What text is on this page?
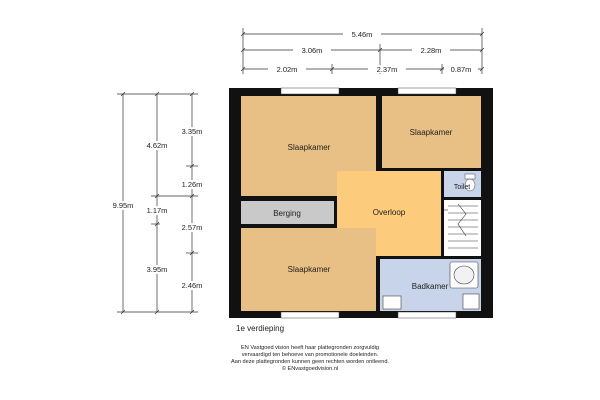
5.46m
3.06m	2.28m
2.02m	2.37m	0.87m
9.95m
4.62m
1.17m
3.95m
3.35m
1.26m
2.57m
2.46m
Slaapkamer
Slaapkamer
Toilet
Berging	Overloop
Slaapkamer
Badkamer
1e verdieping
EN Vastgoed vision heeft haar plattegronden zorgvuldig
vervaardigd ten behoeve van promotionele doeleinden.
Aan deze plattegronden kunnen geen rechten worden ontleend.
© ENvastgoedvision.nl
